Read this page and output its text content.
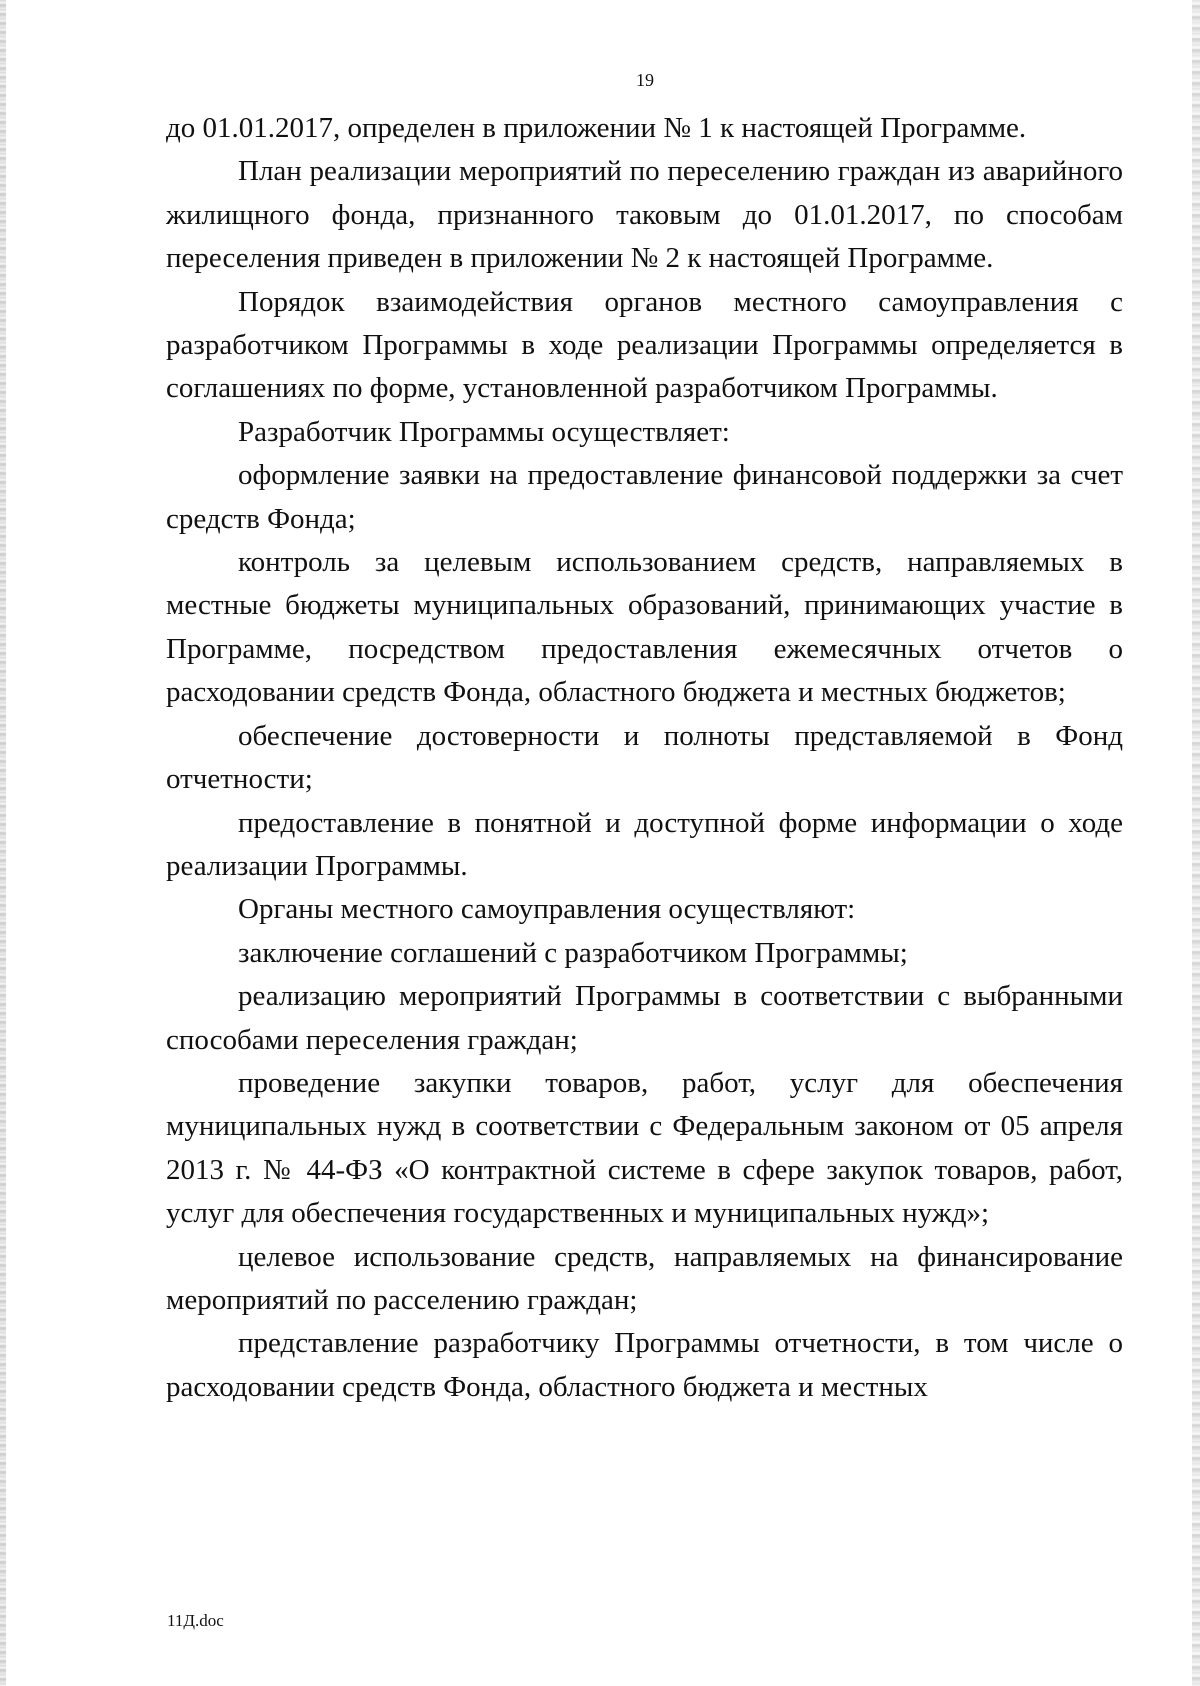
19

до 01.01.2017, определен в приложении № 1 к настоящей Программе.

План реализации мероприятий по переселению граждан из аварийного жилищного фонда, признанного таковым до 01.01.2017, по способам переселения приведен в приложении № 2 к настоящей Программе.

Порядок взаимодействия органов местного самоуправления с разработчиком Программы в ходе реализации Программы определяется в соглашениях по форме, установленной разработчиком Программы.

Разработчик Программы осуществляет:

оформление заявки на предоставление финансовой поддержки за счет средств Фонда;

контроль за целевым использованием средств, направляемых в местные бюджеты муниципальных образований, принимающих участие в Программе, посредством предоставления ежемесячных отчетов о расходовании средств Фонда, областного бюджета и местных бюджетов;

обеспечение достоверности и полноты представляемой в Фонд отчетности;

предоставление в понятной и доступной форме информации о ходе реализации Программы.

Органы местного самоуправления осуществляют:

заключение соглашений с разработчиком Программы;

реализацию мероприятий Программы в соответствии с выбранными способами переселения граждан;

проведение закупки товаров, работ, услуг для обеспечения муниципальных нужд в соответствии с Федеральным законом от 05 апреля 2013 г. № 44-ФЗ «О контрактной системе в сфере закупок товаров, работ, услуг для обеспечения государственных и муниципальных нужд»;

целевое использование средств, направляемых на финансирование мероприятий по расселению граждан;

представление разработчику Программы отчетности, в том числе о расходовании средств Фонда, областного бюджета и местных

11Д.doc
